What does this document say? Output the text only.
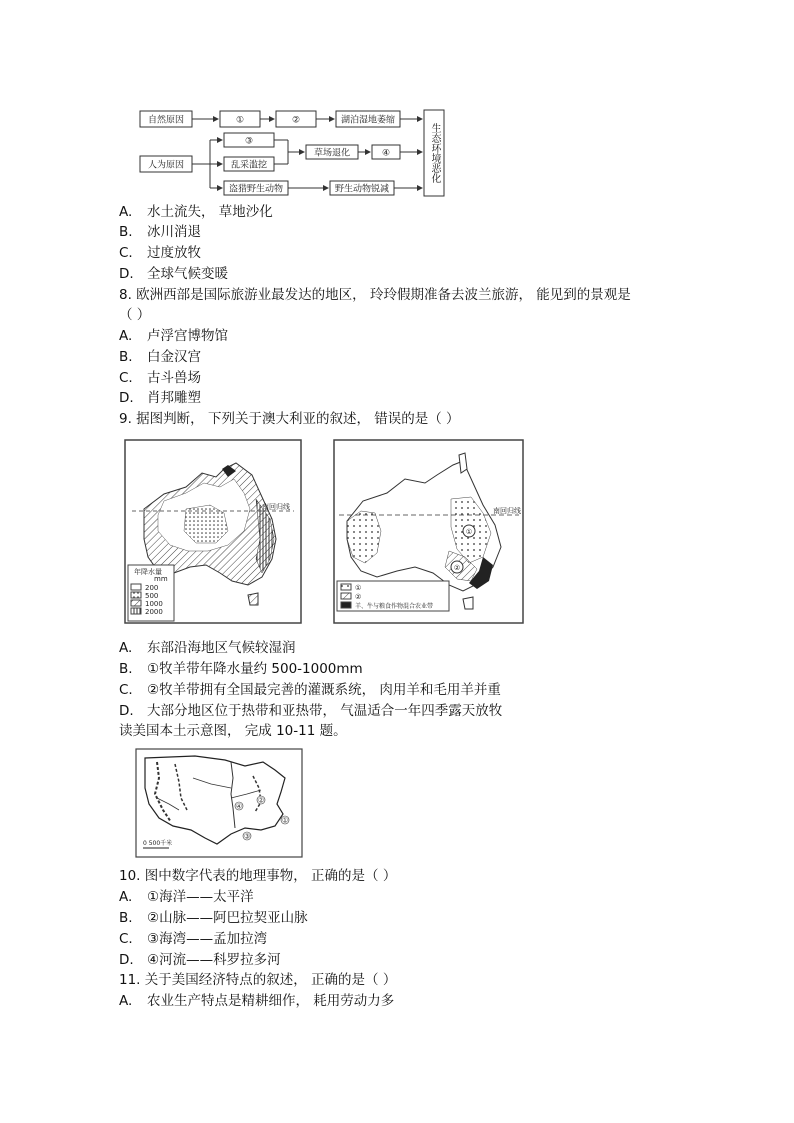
自然原因	①	②	湖泊湿地萎缩
人为原因
③
乱采滥挖
盗猎野生动物
草场退化	④
野生动物锐减
生态环境恶化
A. 水土流失， 草地沙化
B. 冰川消退
C. 过度放牧
D. 全球气候变暖
8. 欧洲西部是国际旅游业最发达的地区， 玲玲假期准备去波兰旅游， 能见到的景观是
（ ）
A. 卢浮宫博物馆
B. 白金汉宫
C. 古斗兽场
D. 肖邦雕塑
9. 据图判断， 下列关于澳大利亚的叙述， 错误的是（ ）
南回归线
年降水量
mm
200
500
1000
2000
南回归线
①
②
①
②
羊、牛与粮食作物混合农业带
A. 东部沿海地区气候较湿润
B. ①牧羊带年降水量约 500-1000mm
C. ②牧羊带拥有全国最完善的灌溉系统， 肉用羊和毛用羊并重
D. 大部分地区位于热带和亚热带， 气温适合一年四季露天放牧
读美国本土示意图， 完成 10-11 题。
④
②
①
③
0 500千米
10. 图中数字代表的地理事物， 正确的是（ ）
A. ①海洋——太平洋
B. ②山脉——阿巴拉契亚山脉
C. ③海湾——孟加拉湾
D. ④河流——科罗拉多河
11. 关于美国经济特点的叙述， 正确的是（ ）
A. 农业生产特点是精耕细作， 耗用劳动力多
